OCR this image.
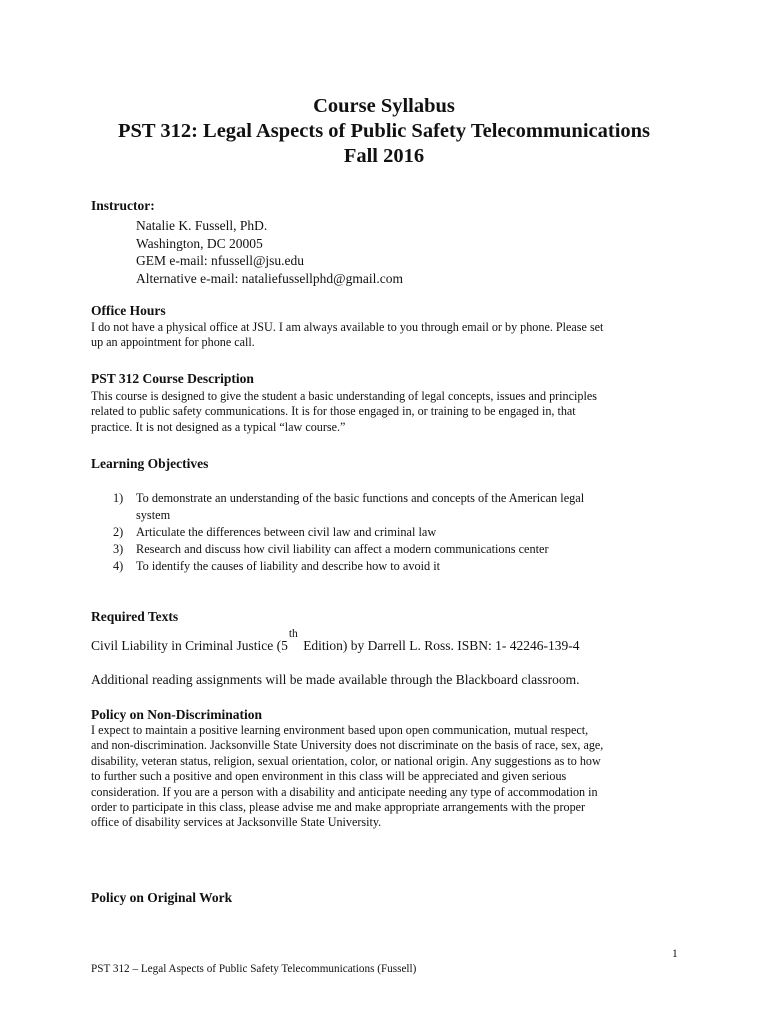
Course Syllabus
PST 312: Legal Aspects of Public Safety Telecommunications
Fall 2016
Instructor:
Natalie K. Fussell, PhD.
Washington, DC 20005
GEM e-mail: nfussell@jsu.edu
Alternative e-mail: nataliefussellphd@gmail.com
Office Hours
I do not have a physical office at JSU. I am always available to you through email or by phone. Please set up an appointment for phone call.
PST 312 Course Description
This course is designed to give the student a basic understanding of legal concepts, issues and principles related to public safety communications. It is for those engaged in, or training to be engaged in, that practice. It is not designed as a typical “law course.”
Learning Objectives
1) To demonstrate an understanding of the basic functions and concepts of the American legal
system
2) Articulate the differences between civil law and criminal law
3) Research and discuss how civil liability can affect a modern communications center
4) To identify the causes of liability and describe how to avoid it
Required Texts
Civil Liability in Criminal Justice (5th Edition) by Darrell L. Ross. ISBN: 1- 42246-139-4
Additional reading assignments will be made available through the Blackboard classroom.
Policy on Non-Discrimination
I expect to maintain a positive learning environment based upon open communication, mutual respect, and non-discrimination. Jacksonville State University does not discriminate on the basis of race, sex, age, disability, veteran status, religion, sexual orientation, color, or national origin. Any suggestions as to how to further such a positive and open environment in this class will be appreciated and given serious consideration. If you are a person with a disability and anticipate needing any type of accommodation in order to participate in this class, please advise me and make appropriate arrangements with the proper office of disability services at Jacksonville State University.
Policy on Original Work
1
PST 312 – Legal Aspects of Public Safety Telecommunications (Fussell)
